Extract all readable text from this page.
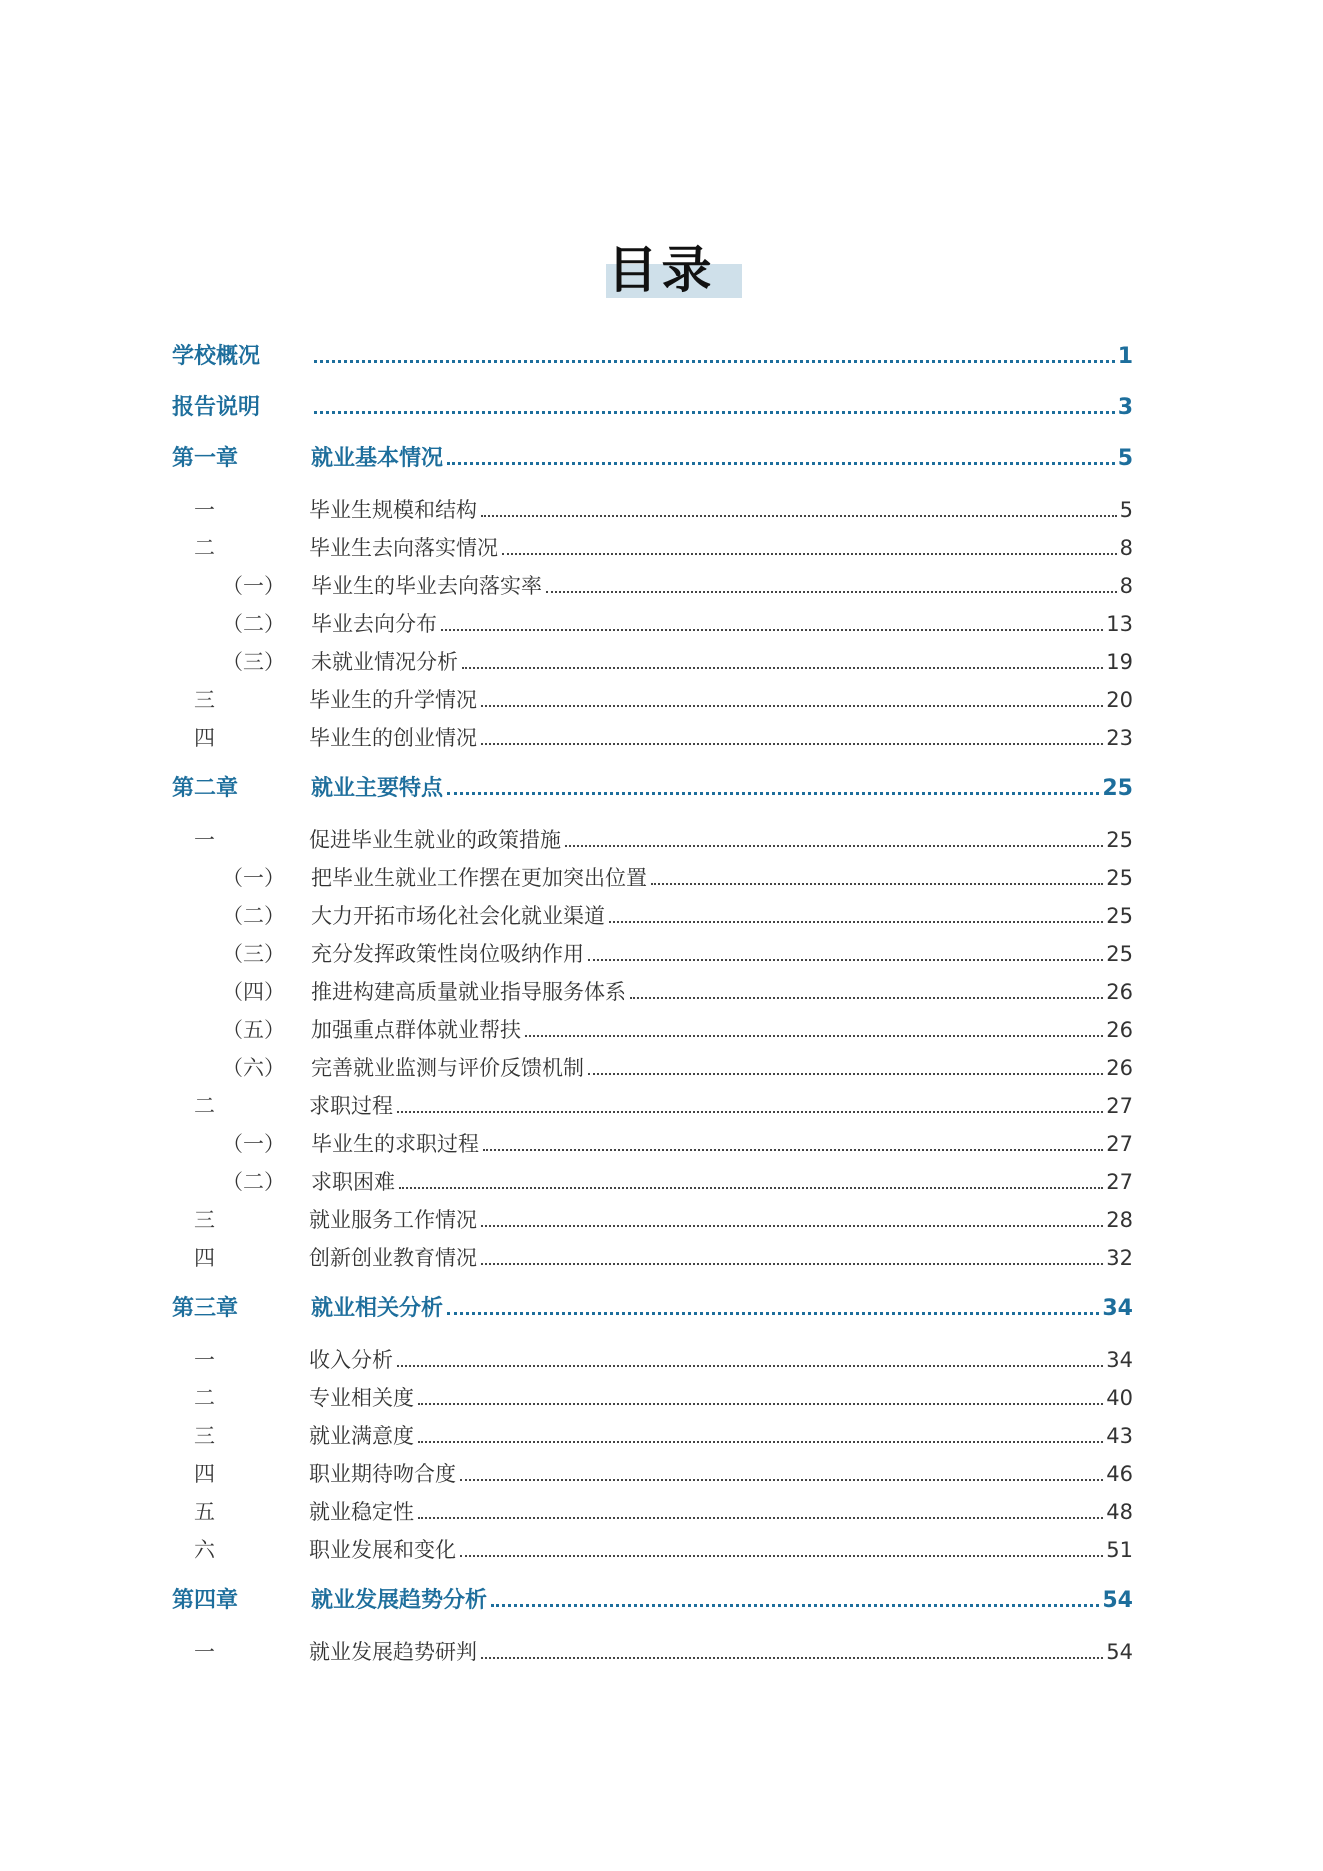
目录
学校概况	1
报告说明	3
第一章	就业基本情况	5
一	毕业生规模和结构	5
二	毕业生去向落实情况	8
（一） 毕业生的毕业去向落实率	8
（二） 毕业去向分布	13
（三） 未就业情况分析	19
三	毕业生的升学情况	20
四	毕业生的创业情况	23
第二章	就业主要特点	25
一	促进毕业生就业的政策措施	25
（一） 把毕业生就业工作摆在更加突出位置	25
（二） 大力开拓市场化社会化就业渠道	25
（三） 充分发挥政策性岗位吸纳作用	25
（四） 推进构建高质量就业指导服务体系	26
（五） 加强重点群体就业帮扶	26
（六） 完善就业监测与评价反馈机制	26
二	求职过程	27
（一） 毕业生的求职过程	27
（二） 求职困难	27
三	就业服务工作情况	28
四	创新创业教育情况	32
第三章	就业相关分析	34
一	收入分析	34
二	专业相关度	40
三	就业满意度	43
四	职业期待吻合度	46
五	就业稳定性	48
六	职业发展和变化	51
第四章	就业发展趋势分析	54
一	就业发展趋势研判	54
